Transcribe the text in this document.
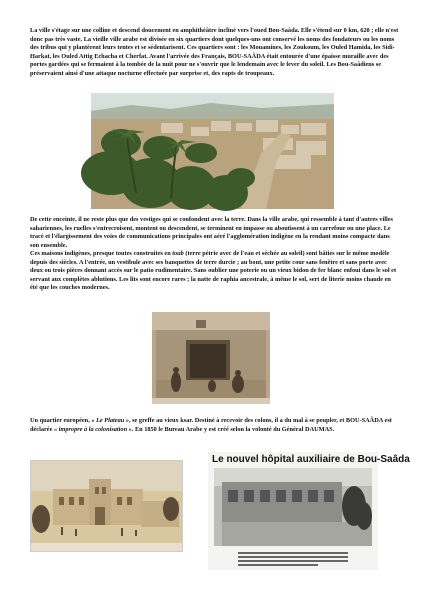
La ville s'étage sur une colline et descend doucement en amphithéâtre incliné vers l'oued Bou-Saâda. Elle s'étend sur 0 km, 620 ; elle n'est donc pas très vaste. La vieille ville arabe est divisée en six quartiers dont quelques-uns ont conservé les noms des fondateurs ou les noms des tribus qui y plantèrent leurs tentes et se sédentarisent. Ces quartiers sont : les Mouamines, les Zoukoum, les Ouled Hamida, les Sidi-Harkat, les Ouled Attig Echacha et Cherfat. Avant l'arrivée des Français, BOU-SAÂDA était entourée d'une épaisse muraille avec des portes gardées qui se fermaient à la tombée de la nuit pour ne s'ouvrir que le lendemain avec le lever du soleil. Les Bou-Saâdiens se préservaient ainsi d'une attaque nocturne effectuée par surprise et, des rapts de troupeaux.

De cette enceinte, il ne reste plus que des vestiges qui se confondent avec la terre. Dans la ville arabe, qui ressemble à tant d'autres villes sahariennes, les ruelles s'entrecroisent, montent ou descendent, se terminent en impasse ou aboutissent à un carrefour ou une place. Le tracé et l'élargissement des voies de communications principales ont aéré l'agglomération indigène en la rendant moins compacte dans son ensemble.

Ces maisons indigènes, presque toutes construites en toub (terre pétrie avec de l'eau et séchée au soleil) sont bâties sur le même modèle depuis des siècles. A l'entrée, un vestibule avec ses banquettes de terre durcie ; au bout, une petite cour sans fenêtre et sans porte avec deux ou trois pièces donnant accès sur le patio rudimentaire. Sans oublier une poterie ou un vieux bidon de fer blanc enfoui dans le sol et servant aux complètes ablutions. Les lits sont encore rares ; la natte de raphia ancestrale, à même le sol, sert de literie moins chaude en été que les couches modernes.

Un quartier européen, « Le Plateau », se greffe au vieux ksar. Destiné à recevoir des colons, il a du mal à se peupler, et BOU-SAÂDA est déclarée « impropre à la colonisation ». En 1850 le Bureau Arabe y est créé selon la volonté du Général DAUMAS.

Le nouvel hôpital auxiliaire de Bou-Saâda
